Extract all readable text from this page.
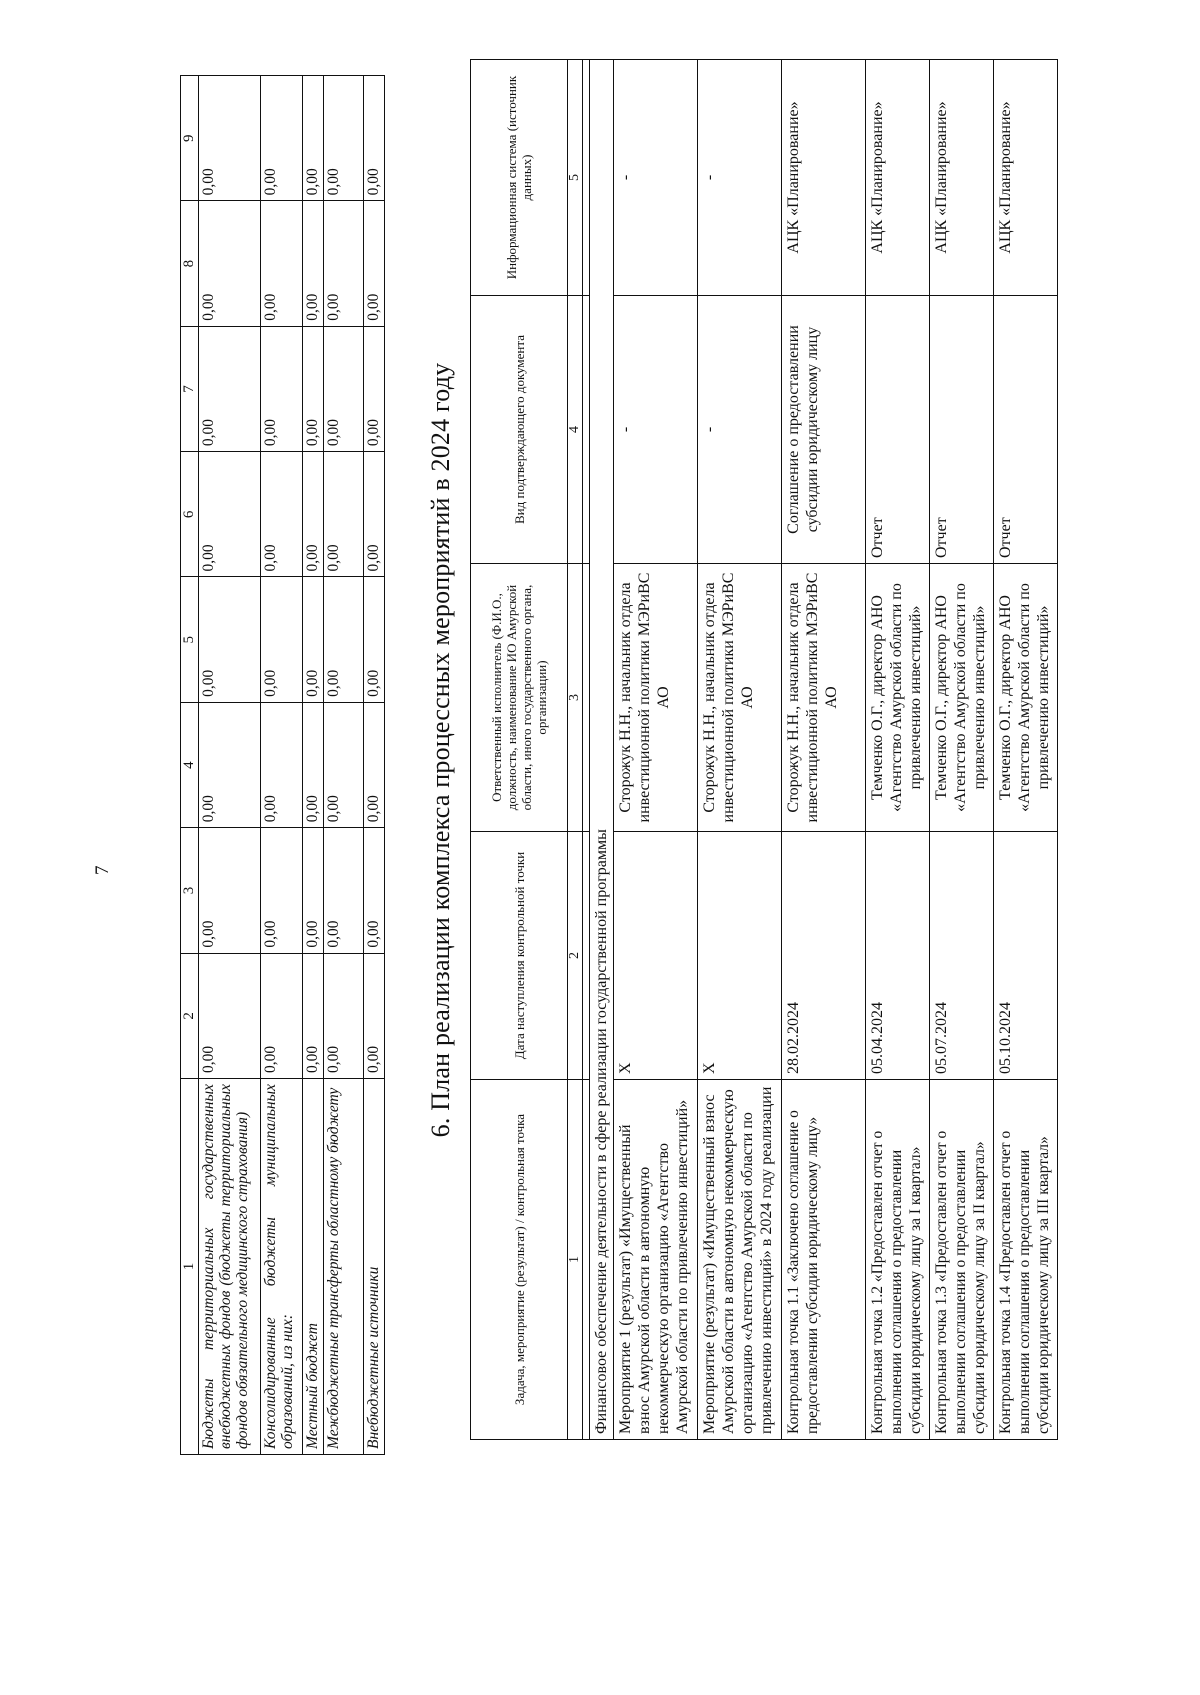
7
1	2	3	4	5	6	7	8	9
Бюджеты территориальных государственных внебюджетных фондов (бюджеты территориальных фондов обязательного медицинского страхования)	0,00	0,00	0,00	0,00	0,00	0,00	0,00	0,00
Консолидированные бюджеты муниципальных образований, из них:	0,00	0,00	0,00	0,00	0,00	0,00	0,00	0,00
Местный бюджет	0,00	0,00	0,00	0,00	0,00	0,00	0,00	0,00
Межбюджетные трансферты областному бюджету	0,00	0,00	0,00	0,00	0,00	0,00	0,00	0,00
Внебюджетные источники	0,00	0,00	0,00	0,00	0,00	0,00	0,00	0,00
6. План реализации комплекса процессных мероприятий в 2024 году
Задача, мероприятие (результат) / контрольная точка	Дата наступления контрольной точки	Ответственный исполнитель (Ф.И.О., должность, наименование ИО Амурской области, иного государственного органа, организации)	Вид подтверждающего документа	Информационная система (источник данных)
1	2	3	4	5

Финансовое обеспечение деятельности в сфере реализации государственной программы				
Мероприятие 1 (результат) «Имущественный взнос Амурской области в автономную некоммерческую организацию «Агентство Амурской области по привлечению инвестиций»	X	Сторожук Н.Н., начальник отдела инвестиционной политики МЭРиВС АО	-	-
Мероприятие (результат) «Имущественный взнос Амурской области в автономную некоммерческую организацию «Агентство Амурской области по привлечению инвестиций» в 2024 году реализации	X	Сторожук Н.Н., начальник отдела инвестиционной политики МЭРиВС АО	-	-
Контрольная точка 1.1 «Заключено соглашение о предоставлении субсидии юридическому лицу»	28.02.2024	Сторожук Н.Н., начальник отдела инвестиционной политики МЭРиВС АО	Соглашение о предоставлении субсидии юридическому лицу	АЦК «Планирование»
Контрольная точка 1.2 «Предоставлен отчет о выполнении соглашения о предоставлении субсидии юридическому лицу за I квартал»	05.04.2024	Темченко О.Г., директор АНО «Агентство Амурской области по привлечению инвестиций»	Отчет	АЦК «Планирование»
Контрольная точка 1.3 «Предоставлен отчет о выполнении соглашения о предоставлении субсидии юридическому лицу за II квартал»	05.07.2024	Темченко О.Г., директор АНО «Агентство Амурской области по привлечению инвестиций»	Отчет	АЦК «Планирование»
Контрольная точка 1.4 «Предоставлен отчет о выполнении соглашения о предоставлении субсидии юридическому лицу за III квартал»	05.10.2024	Темченко О.Г., директор АНО «Агентство Амурской области по привлечению инвестиций»	Отчет	АЦК «Планирование»
